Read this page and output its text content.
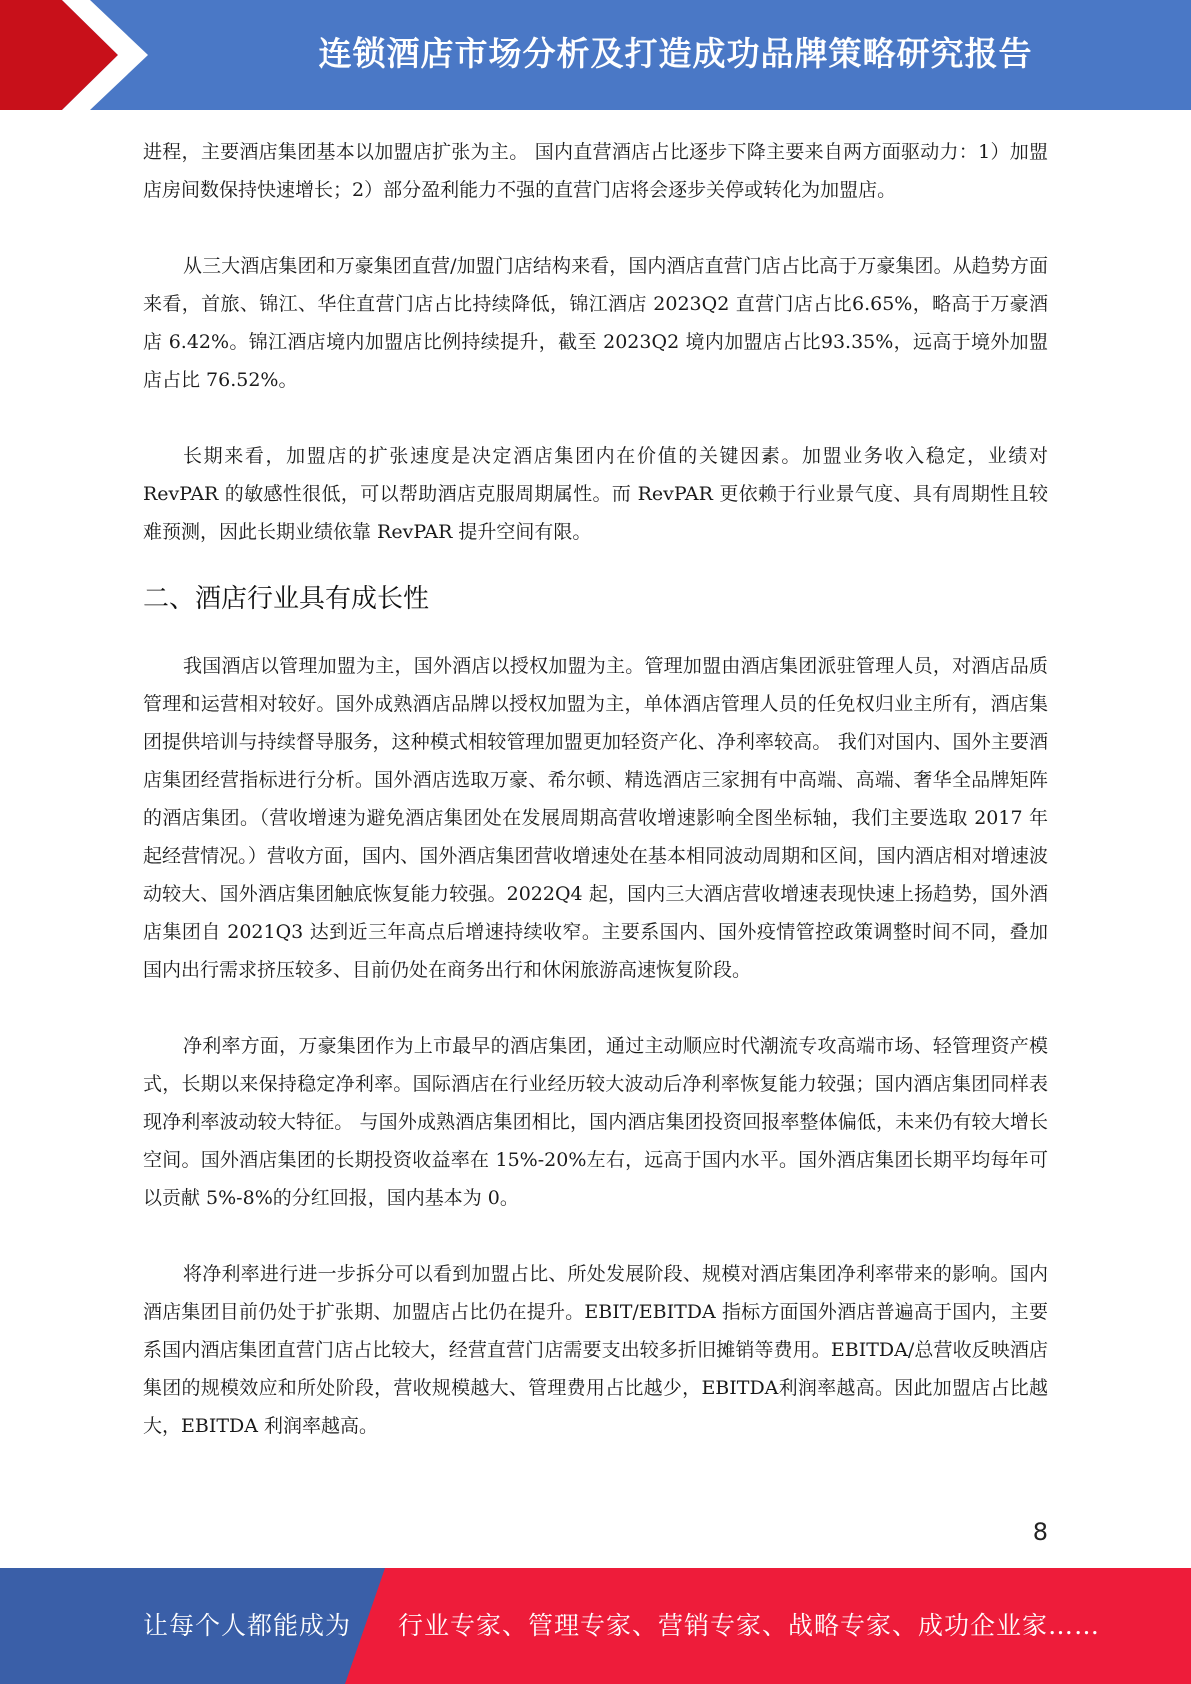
连锁酒店市场分析及打造成功品牌策略研究报告

进程，主要酒店集团基本以加盟店扩张为主。 国内直营酒店占比逐步下降主要来自两方面驱动力：1）加盟店房间数保持快速增长；2）部分盈利能力不强的直营门店将会逐步关停或转化为加盟店。

从三大酒店集团和万豪集团直营/加盟门店结构来看，国内酒店直营门店占比高于万豪集团。从趋势方面来看，首旅、锦江、华住直营门店占比持续降低，锦江酒店 2023Q2 直营门店占比6.65%，略高于万豪酒店 6.42%。锦江酒店境内加盟店比例持续提升，截至 2023Q2 境内加盟店占比93.35%，远高于境外加盟店占比 76.52%。

长期来看，加盟店的扩张速度是决定酒店集团内在价值的关键因素。加盟业务收入稳定，业绩对 RevPAR 的敏感性很低，可以帮助酒店克服周期属性。而 RevPAR 更依赖于行业景气度、具有周期性且较难预测，因此长期业绩依靠 RevPAR 提升空间有限。

二、酒店行业具有成长性

我国酒店以管理加盟为主，国外酒店以授权加盟为主。管理加盟由酒店集团派驻管理人员，对酒店品质管理和运营相对较好。国外成熟酒店品牌以授权加盟为主，单体酒店管理人员的任免权归业主所有，酒店集团提供培训与持续督导服务，这种模式相较管理加盟更加轻资产化、净利率较高。 我们对国内、国外主要酒店集团经营指标进行分析。国外酒店选取万豪、希尔顿、精选酒店三家拥有中高端、高端、奢华全品牌矩阵的酒店集团。（营收增速为避免酒店集团处在发展周期高营收增速影响全图坐标轴，我们主要选取 2017 年起经营情况。）营收方面，国内、国外酒店集团营收增速处在基本相同波动周期和区间，国内酒店相对增速波动较大、国外酒店集团触底恢复能力较强。2022Q4 起，国内三大酒店营收增速表现快速上扬趋势，国外酒店集团自 2021Q3 达到近三年高点后增速持续收窄。主要系国内、国外疫情管控政策调整时间不同，叠加国内出行需求挤压较多、目前仍处在商务出行和休闲旅游高速恢复阶段。

净利率方面，万豪集团作为上市最早的酒店集团，通过主动顺应时代潮流专攻高端市场、轻管理资产模式，长期以来保持稳定净利率。国际酒店在行业经历较大波动后净利率恢复能力较强；国内酒店集团同样表现净利率波动较大特征。 与国外成熟酒店集团相比，国内酒店集团投资回报率整体偏低，未来仍有较大增长空间。国外酒店集团的长期投资收益率在 15%-20%左右，远高于国内水平。国外酒店集团长期平均每年可以贡献 5%-8%的分红回报，国内基本为 0。

将净利率进行进一步拆分可以看到加盟占比、所处发展阶段、规模对酒店集团净利率带来的影响。国内酒店集团目前仍处于扩张期、加盟店占比仍在提升。EBIT/EBITDA 指标方面国外酒店普遍高于国内，主要系国内酒店集团直营门店占比较大，经营直营门店需要支出较多折旧摊销等费用。EBITDA/总营收反映酒店集团的规模效应和所处阶段，营收规模越大、管理费用占比越少，EBITDA利润率越高。因此加盟店占比越大，EBITDA 利润率越高。

8
让每个人都能成为 行业专家、管理专家、营销专家、战略专家、成功企业家……
